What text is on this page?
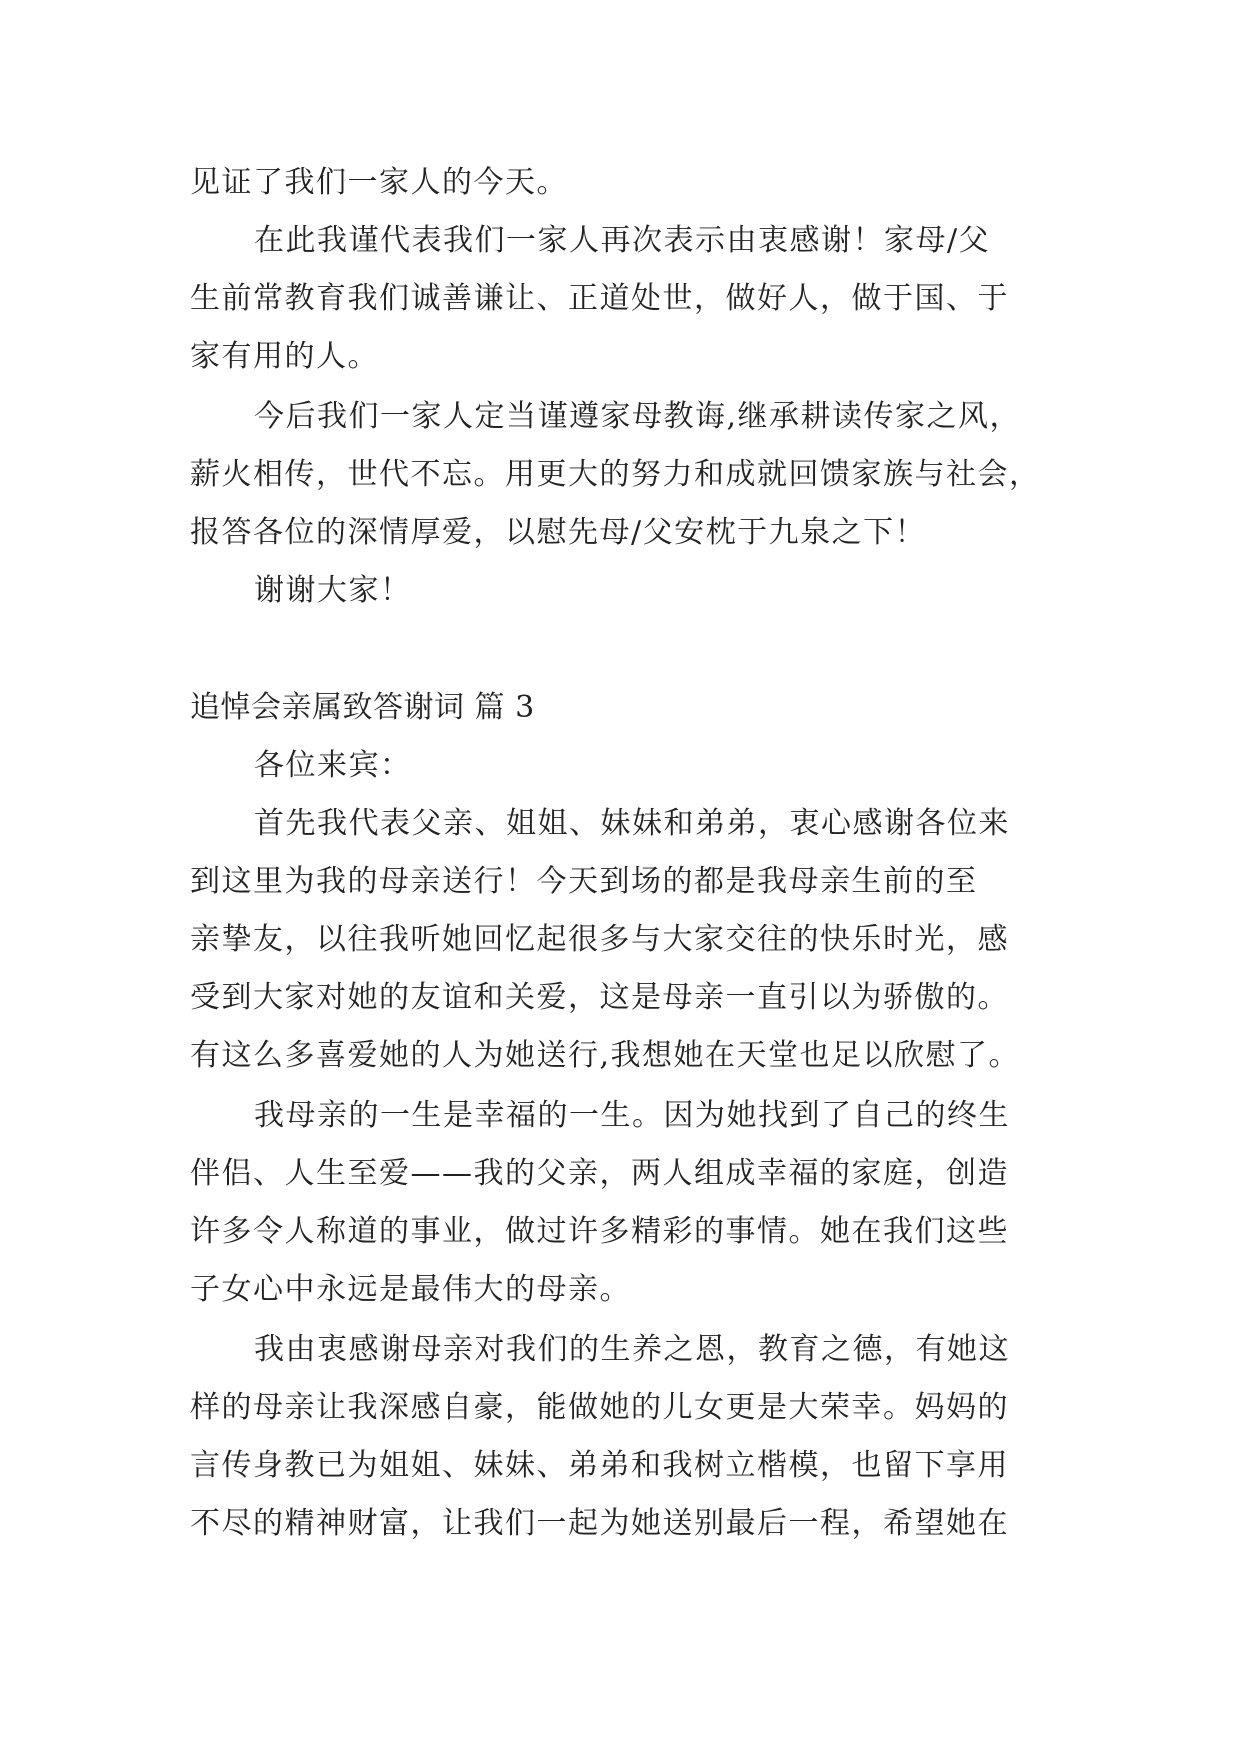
见证了我们一家人的今天。
在此我谨代表我们一家人再次表示由衷感谢！家母/父
生前常教育我们诚善谦让、正道处世，做好人，做于国、于
家有用的人。
今后我们一家人定当谨遵家母教诲,继承耕读传家之风，
薪火相传，世代不忘。用更大的努力和成就回馈家族与社会，
报答各位的深情厚爱，以慰先母/父安枕于九泉之下！
谢谢大家！
追悼会亲属致答谢词 篇 3
各位来宾：
首先我代表父亲、姐姐、妹妹和弟弟，衷心感谢各位来
到这里为我的母亲送行！今天到场的都是我母亲生前的至
亲挚友，以往我听她回忆起很多与大家交往的快乐时光，感
受到大家对她的友谊和关爱，这是母亲一直引以为骄傲的。
有这么多喜爱她的人为她送行,我想她在天堂也足以欣慰了。
我母亲的一生是幸福的一生。因为她找到了自己的终生
伴侣、人生至爱——我的父亲，两人组成幸福的家庭，创造
许多令人称道的事业，做过许多精彩的事情。她在我们这些
子女心中永远是最伟大的母亲。
我由衷感谢母亲对我们的生养之恩，教育之德，有她这
样的母亲让我深感自豪，能做她的儿女更是大荣幸。妈妈的
言传身教已为姐姐、妹妹、弟弟和我树立楷模，也留下享用
不尽的精神财富，让我们一起为她送别最后一程，希望她在
